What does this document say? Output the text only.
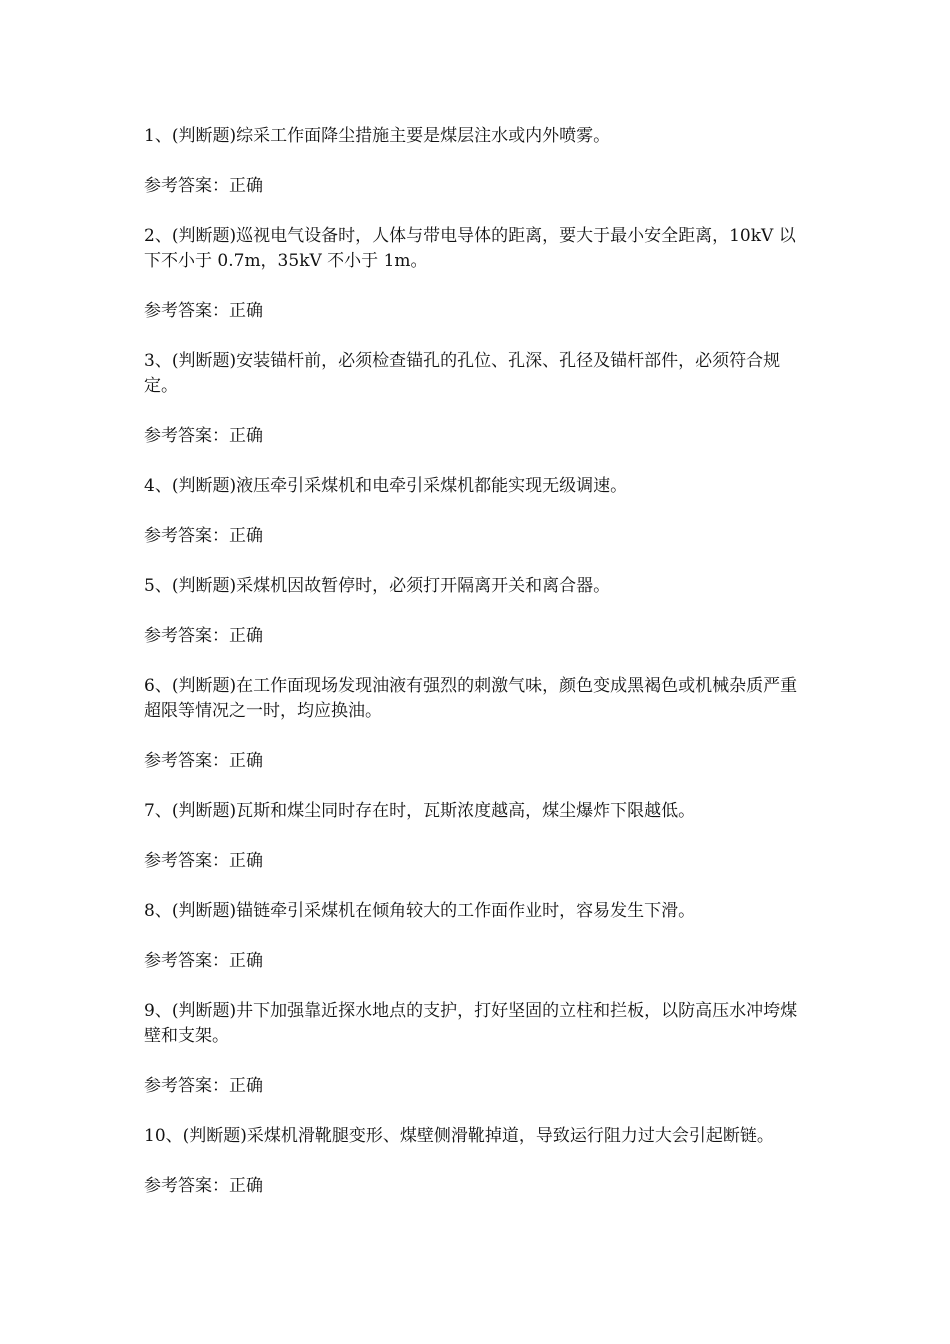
1、(判断题)综采工作面降尘措施主要是煤层注水或内外喷雾。

参考答案：正确

2、(判断题)巡视电气设备时，人体与带电导体的距离，要大于最小安全距离，10kV 以下不小于 0.7m，35kV 不小于 1m。

参考答案：正确

3、(判断题)安装锚杆前，必须检查锚孔的孔位、孔深、孔径及锚杆部件，必须符合规定。

参考答案：正确

4、(判断题)液压牵引采煤机和电牵引采煤机都能实现无级调速。

参考答案：正确

5、(判断题)采煤机因故暂停时，必须打开隔离开关和离合器。

参考答案：正确

6、(判断题)在工作面现场发现油液有强烈的刺激气味，颜色变成黑褐色或机械杂质严重超限等情况之一时，均应换油。

参考答案：正确

7、(判断题)瓦斯和煤尘同时存在时，瓦斯浓度越高，煤尘爆炸下限越低。

参考答案：正确

8、(判断题)锚链牵引采煤机在倾角较大的工作面作业时，容易发生下滑。

参考答案：正确

9、(判断题)井下加强靠近探水地点的支护，打好坚固的立柱和拦板，以防高压水冲垮煤壁和支架。

参考答案：正确

10、(判断题)采煤机滑靴腿变形、煤壁侧滑靴掉道，导致运行阻力过大会引起断链。

参考答案：正确
